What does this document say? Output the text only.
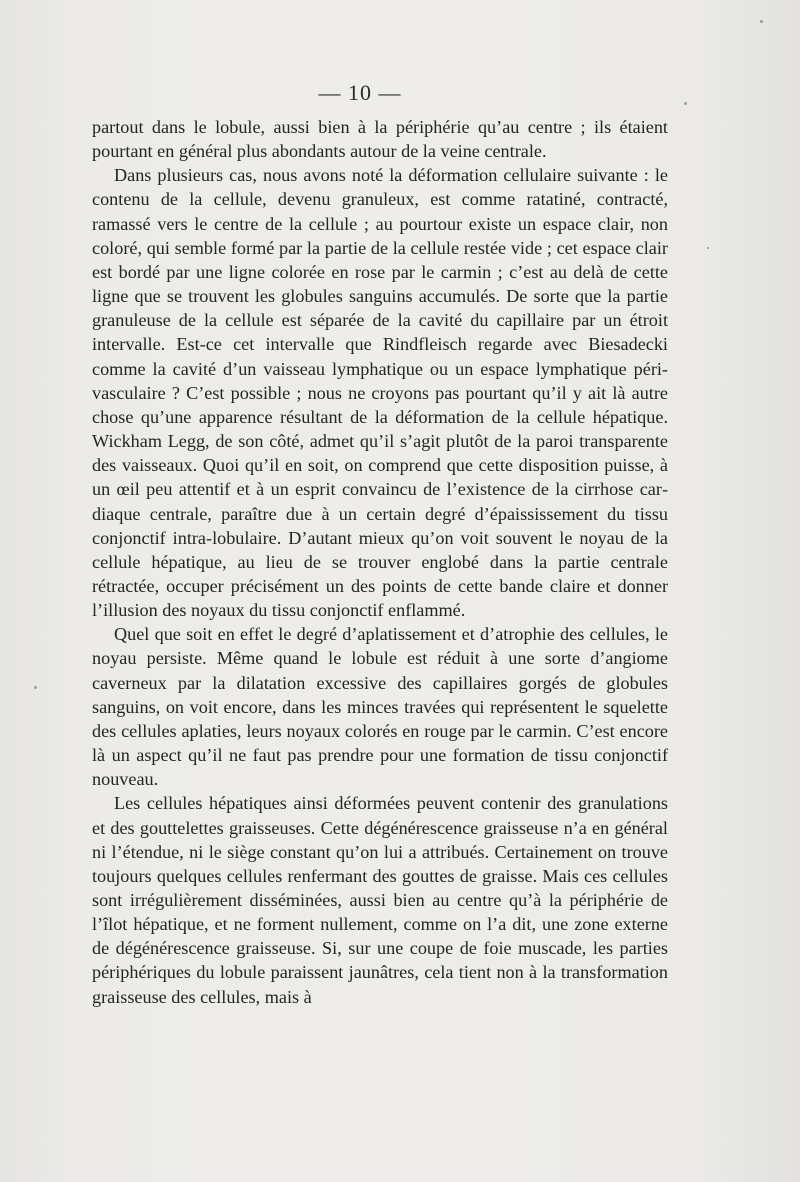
— 10 —

partout dans le lobule, aussi bien à la périphérie qu’au centre ; ils étaient pourtant en général plus abondants autour de la veine centrale.

Dans plusieurs cas, nous avons noté la déformation cellulaire suivante : le contenu de la cellule, devenu granuleux, est comme ratatiné, contracté, ramassé vers le centre de la cellule ; au pourtour existe un espace clair, non coloré, qui semble formé par la partie de la cellule restée vide ; cet espace clair est bordé par une ligne colorée en rose par le carmin ; c’est au delà de cette ligne que se trouvent les globules sanguins accumulés. De sorte que la partie granuleuse de la cellule est séparée de la cavité du capillaire par un étroit intervalle. Est-ce cet intervalle que Rindfleisch regarde avec Biesadecki comme la cavité d’un vaisseau lymphatique ou un espace lymphatique péri-vasculaire ? C’est possible ; nous ne croyons pas pourtant qu’il y ait là autre chose qu’une apparence résultant de la déformation de la cellule hépatique. Wickham Legg, de son côté, admet qu’il s’agit plutôt de la paroi transparente des vaisseaux. Quoi qu’il en soit, on comprend que cette disposition puisse, à un œil peu attentif et à un esprit convaincu de l’existence de la cirrhose cardiaque centrale, paraître due à un certain degré d’épaississement du tissu conjonctif intra-lobulaire. D’autant mieux qu’on voit souvent le noyau de la cellule hépatique, au lieu de se trouver englobé dans la partie centrale rétractée, occuper précisément un des points de cette bande claire et donner l’illusion des noyaux du tissu conjonctif enflammé.

Quel que soit en effet le degré d’aplatissement et d’atrophie des cellules, le noyau persiste. Même quand le lobule est réduit à une sorte d’angiome caverneux par la dilatation excessive des capillaires gorgés de globules sanguins, on voit encore, dans les minces travées qui représentent le squelette des cellules aplaties, leurs noyaux colorés en rouge par le carmin. C’est encore là un aspect qu’il ne faut pas prendre pour une formation de tissu conjonctif nouveau.

Les cellules hépatiques ainsi déformées peuvent contenir des granulations et des gouttelettes graisseuses. Cette dégénérescence graisseuse n’a en général ni l’étendue, ni le siège constant qu’on lui a attribués. Certainement on trouve toujours quelques cellules renfermant des gouttes de graisse. Mais ces cellules sont irrégulièrement disséminées, aussi bien au centre qu’à la périphérie de l’îlot hépatique, et ne forment nullement, comme on l’a dit, une zone externe de dégénérescence graisseuse. Si, sur une coupe de foie muscade, les parties périphériques du lobule paraissent jaunâtres, cela tient non à la transformation graisseuse des cellules, mais à
